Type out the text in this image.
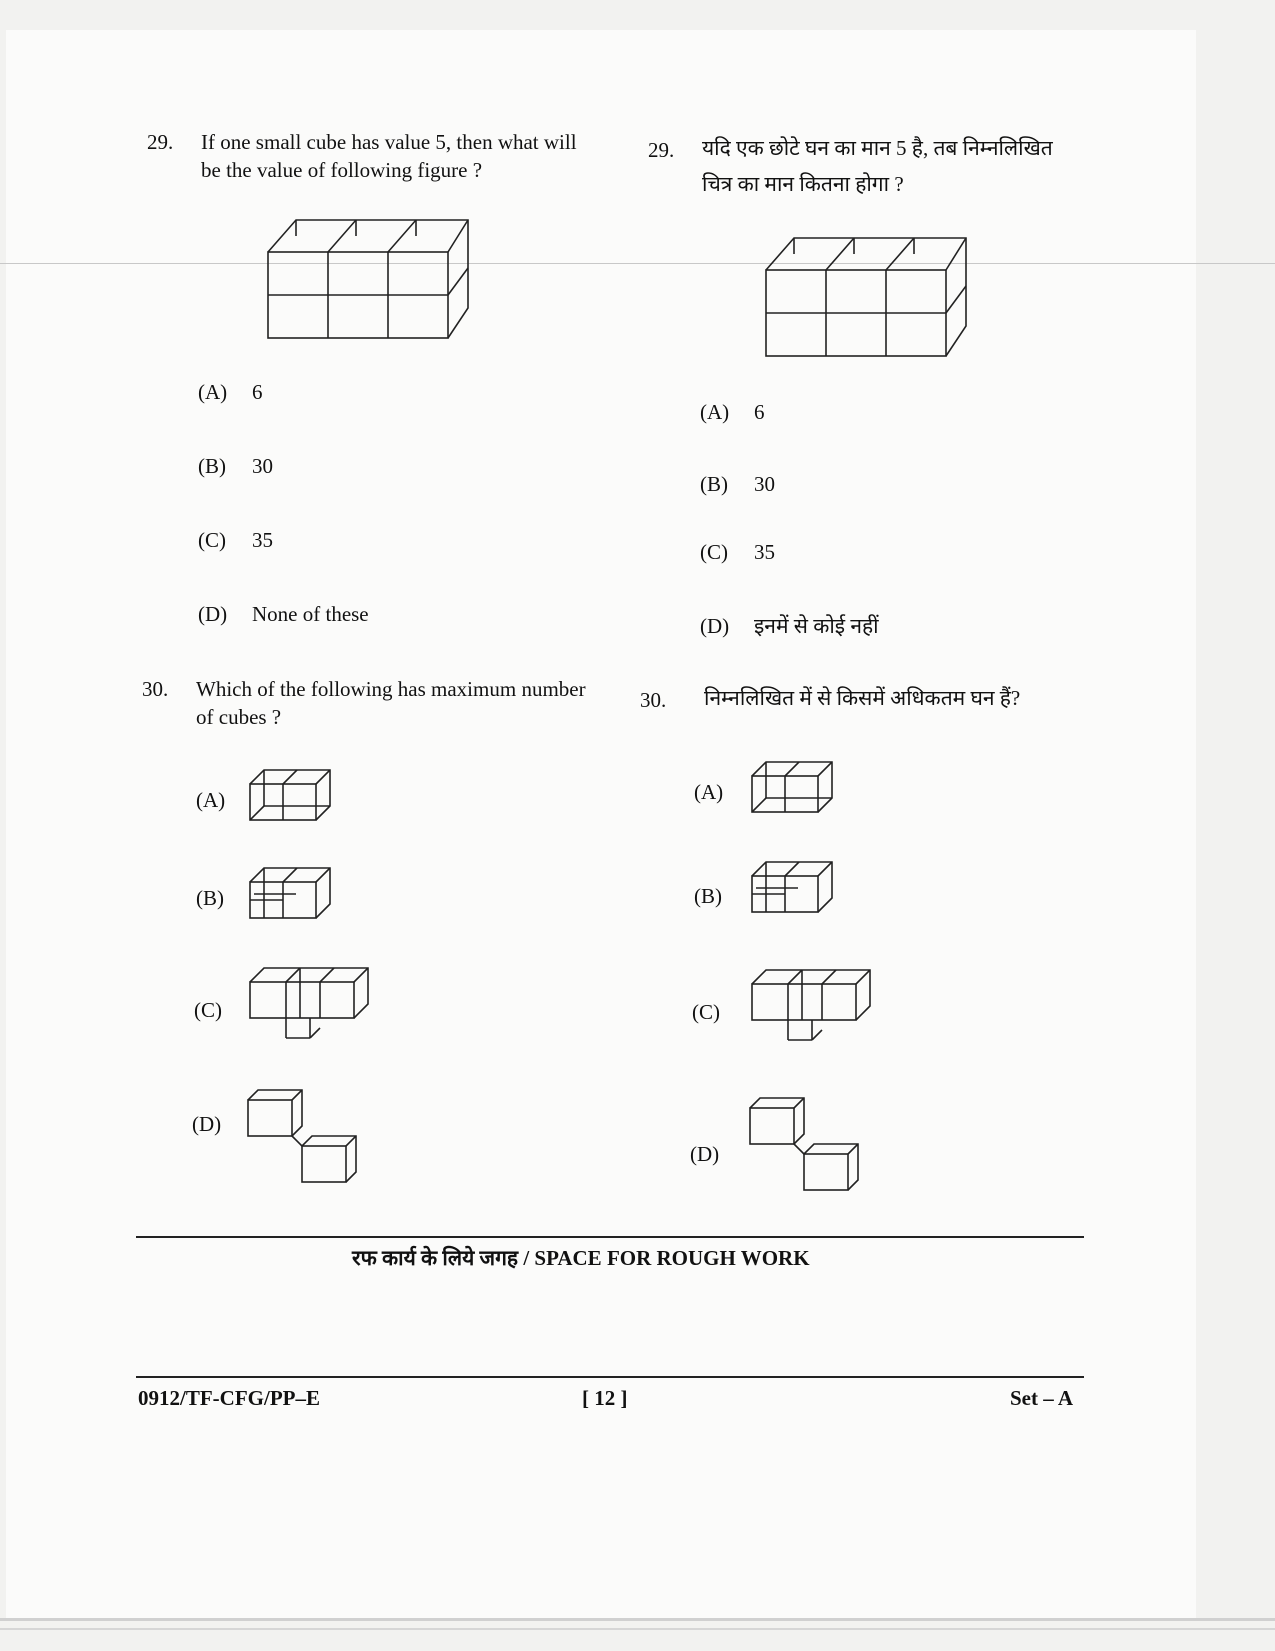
29. If one small cube has value 5, then what will
be the value of following figure ?
(A) 6
(B) 30
(C) 35
(D) None of these
29. यदि एक छोटे घन का मान 5 है, तब निम्नलिखित
चित्र का मान कितना होगा ?
(A) 6
(B) 30
(C) 35
(D) इनमें से कोई नहीं
30. Which of the following has maximum number
of cubes ?
(A)
(B)
(C)
(D)
30. निम्नलिखित में से किसमें अधिकतम घन हैं?
(A)
(B)
(C)
(D)
रफ कार्य के लिये जगह / SPACE FOR ROUGH WORK
0912/TF-CFG/PP–E	[ 12 ]	Set – A
